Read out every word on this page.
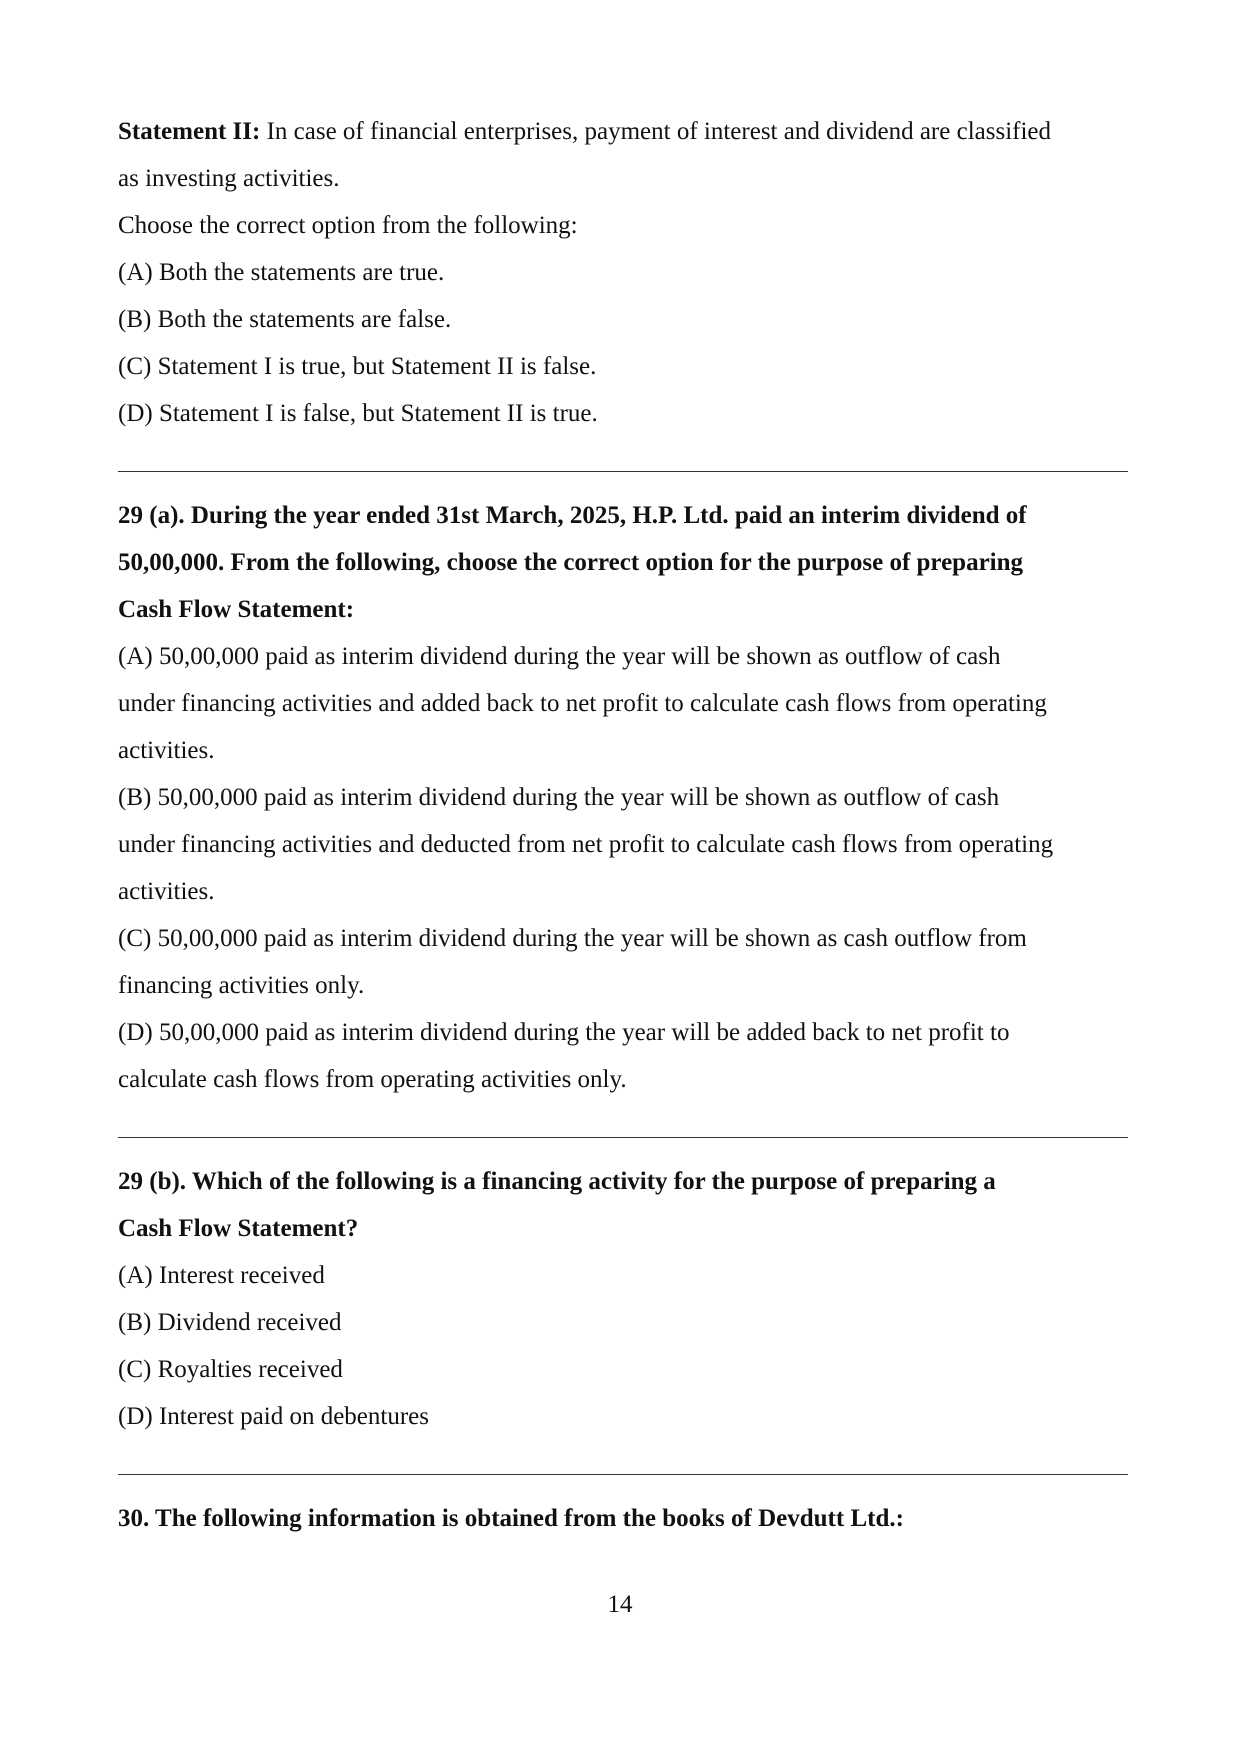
Statement II: In case of financial enterprises, payment of interest and dividend are classified

as investing activities.

Choose the correct option from the following:

(A) Both the statements are true.

(B) Both the statements are false.

(C) Statement I is true, but Statement II is false.

(D) Statement I is false, but Statement II is true.

29 (a). During the year ended 31st March, 2025, H.P. Ltd. paid an interim dividend of

50,00,000. From the following, choose the correct option for the purpose of preparing

Cash Flow Statement:

(A) 50,00,000 paid as interim dividend during the year will be shown as outflow of cash

under financing activities and added back to net profit to calculate cash flows from operating

activities.

(B) 50,00,000 paid as interim dividend during the year will be shown as outflow of cash

under financing activities and deducted from net profit to calculate cash flows from operating

activities.

(C) 50,00,000 paid as interim dividend during the year will be shown as cash outflow from

financing activities only.

(D) 50,00,000 paid as interim dividend during the year will be added back to net profit to

calculate cash flows from operating activities only.

29 (b). Which of the following is a financing activity for the purpose of preparing a

Cash Flow Statement?

(A) Interest received

(B) Dividend received

(C) Royalties received

(D) Interest paid on debentures

30. The following information is obtained from the books of Devdutt Ltd.:

14
